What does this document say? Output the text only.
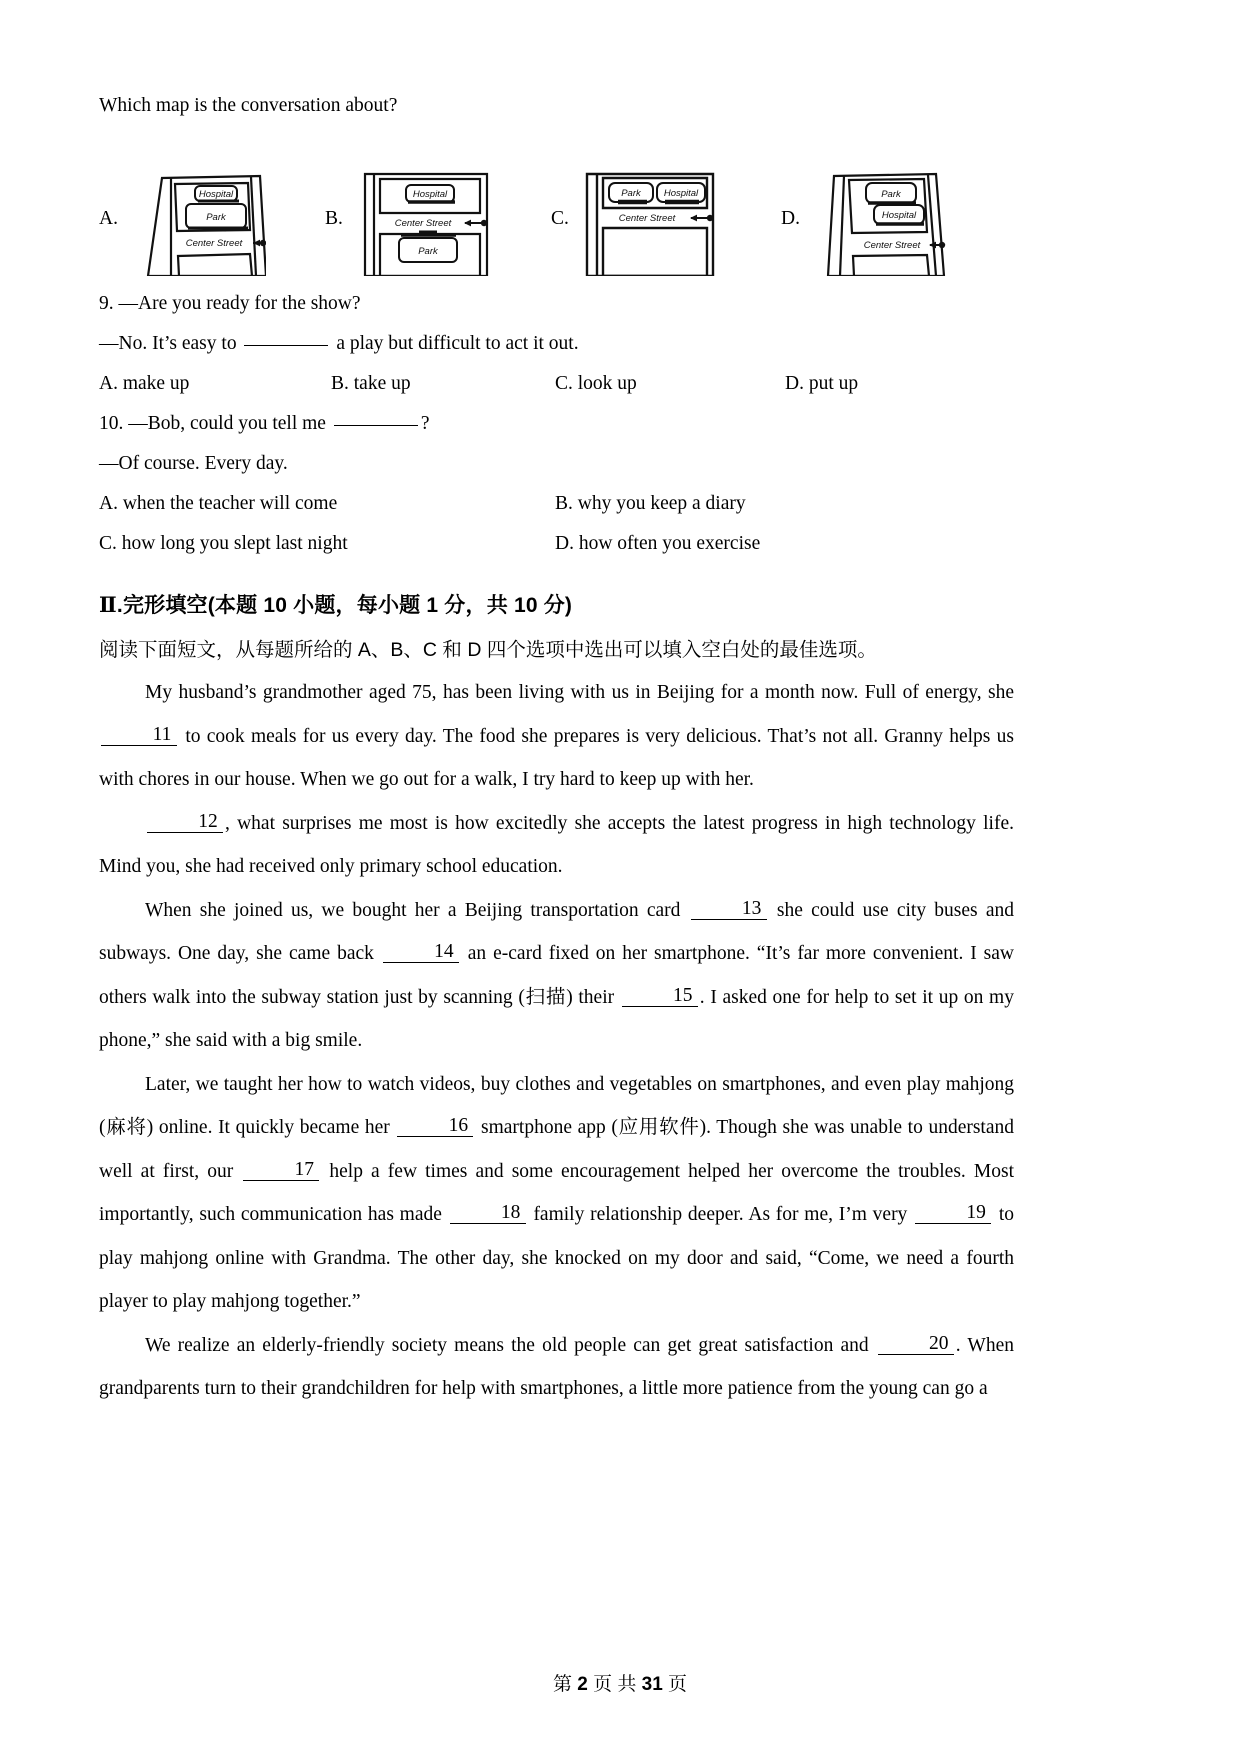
Which map is the conversation about?
A.
Hospital
Park
Center Street
B.
Hospital
Center Street
Park
C.
Park Hospital
Center Street	D.
Park
Hospital
Center Street
9. —Are you ready for the show?
—No. It’s easy to	a play but difficult to act it out.
A. make up	B. take up	C. look up	D. put up
10. —Bob, could you tell me	?
—Of course. Every day.
A. when the teacher will come	B. why you keep a diary
C. how long you slept last night	D. how often you exercise
Ⅱ.完形填空(本题 10 小题，每小题 1 分，共 10 分)
阅读下面短文，从每题所给的 A、B、C 和 D 四个选项中选出可以填入空白处的最佳选项。

My husband’s grandmother aged 75, has been living with us in Beijing for a month now. Full of energy, she 11 to cook meals for us every day. The food she prepares is very delicious. That’s not all. Granny helps us with chores in our house. When we go out for a walk, I try hard to keep up with her.

12 , what surprises me most is how excitedly she accepts the latest progress in high technology life. Mind you, she had received only primary school education.

When she joined us, we bought her a Beijing transportation card	13 she could use city buses and subways. One day, she came back	14 an e-card fixed on her smartphone. “It’s far more convenient. I saw others walk into the subway station just by scanning (扫描) their	15 . I asked one for help to set it up on my phone,” she said with a big smile.

Later, we taught her how to watch videos, buy clothes and vegetables on smartphones, and even play mahjong (麻将) online. It quickly became her	16 smartphone app (应用软件). Though she was unable to understand well at first, our	17 help a few times and some encouragement helped her overcome the troubles. Most importantly, such communication has made	18 family relationship deeper. As for me, I’m very	19 to play mahjong online with Grandma. The other day, she knocked on my door and said, “Come, we need a fourth player to play mahjong together.”

We realize an elderly-friendly society means the old people can get great satisfaction and	20 . When grandparents turn to their grandchildren for help with smartphones, a little more patience from the young can go a

第 2 页 共 31 页
